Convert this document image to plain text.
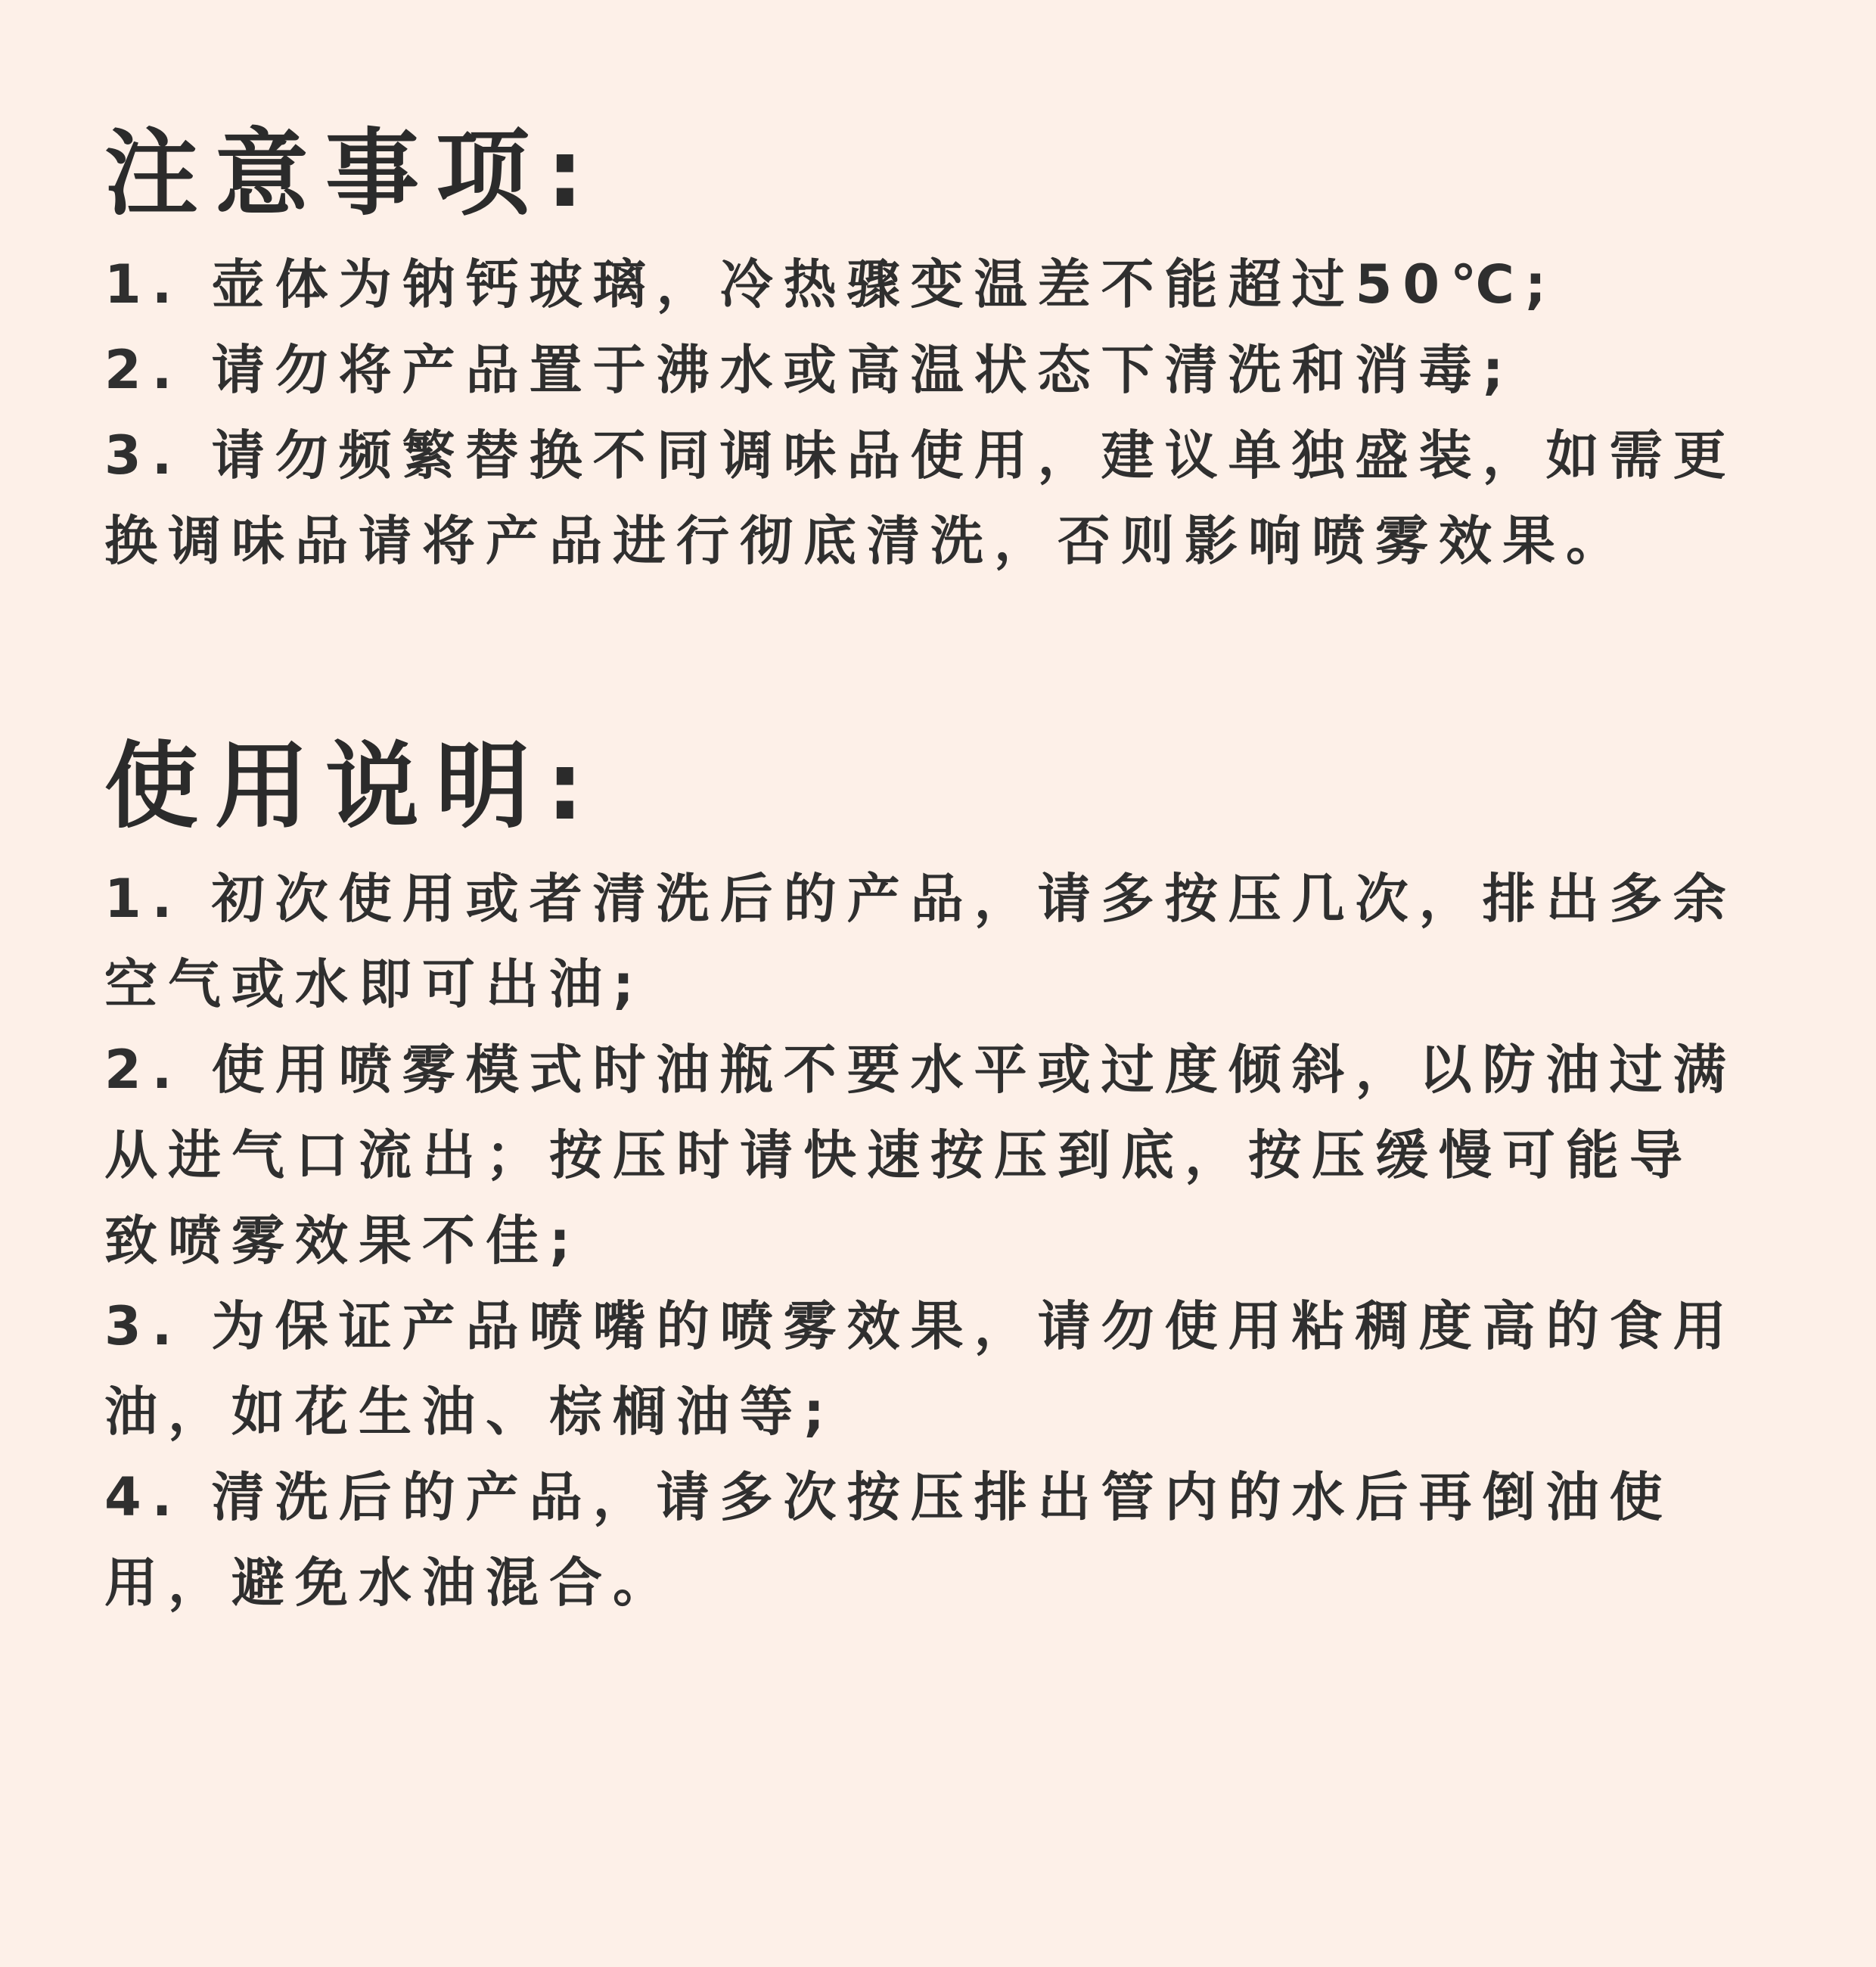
注意事项:
1. 壶体为钠钙玻璃，冷热骤变温差不能超过50℃;
2. 请勿将产品置于沸水或高温状态下清洗和消毒;
3. 请勿频繁替换不同调味品使用，建议单独盛装，如需更换调味品请将产品进行彻底清洗，否则影响喷雾效果。
使用说明:
1. 初次使用或者清洗后的产品，请多按压几次，排出多余空气或水即可出油;
2. 使用喷雾模式时油瓶不要水平或过度倾斜，以防油过满从进气口流出；按压时请快速按压到底，按压缓慢可能导致喷雾效果不佳;
3. 为保证产品喷嘴的喷雾效果，请勿使用粘稠度高的食用油，如花生油、棕榈油等;
4. 清洗后的产品，请多次按压排出管内的水后再倒油使用，避免水油混合。
